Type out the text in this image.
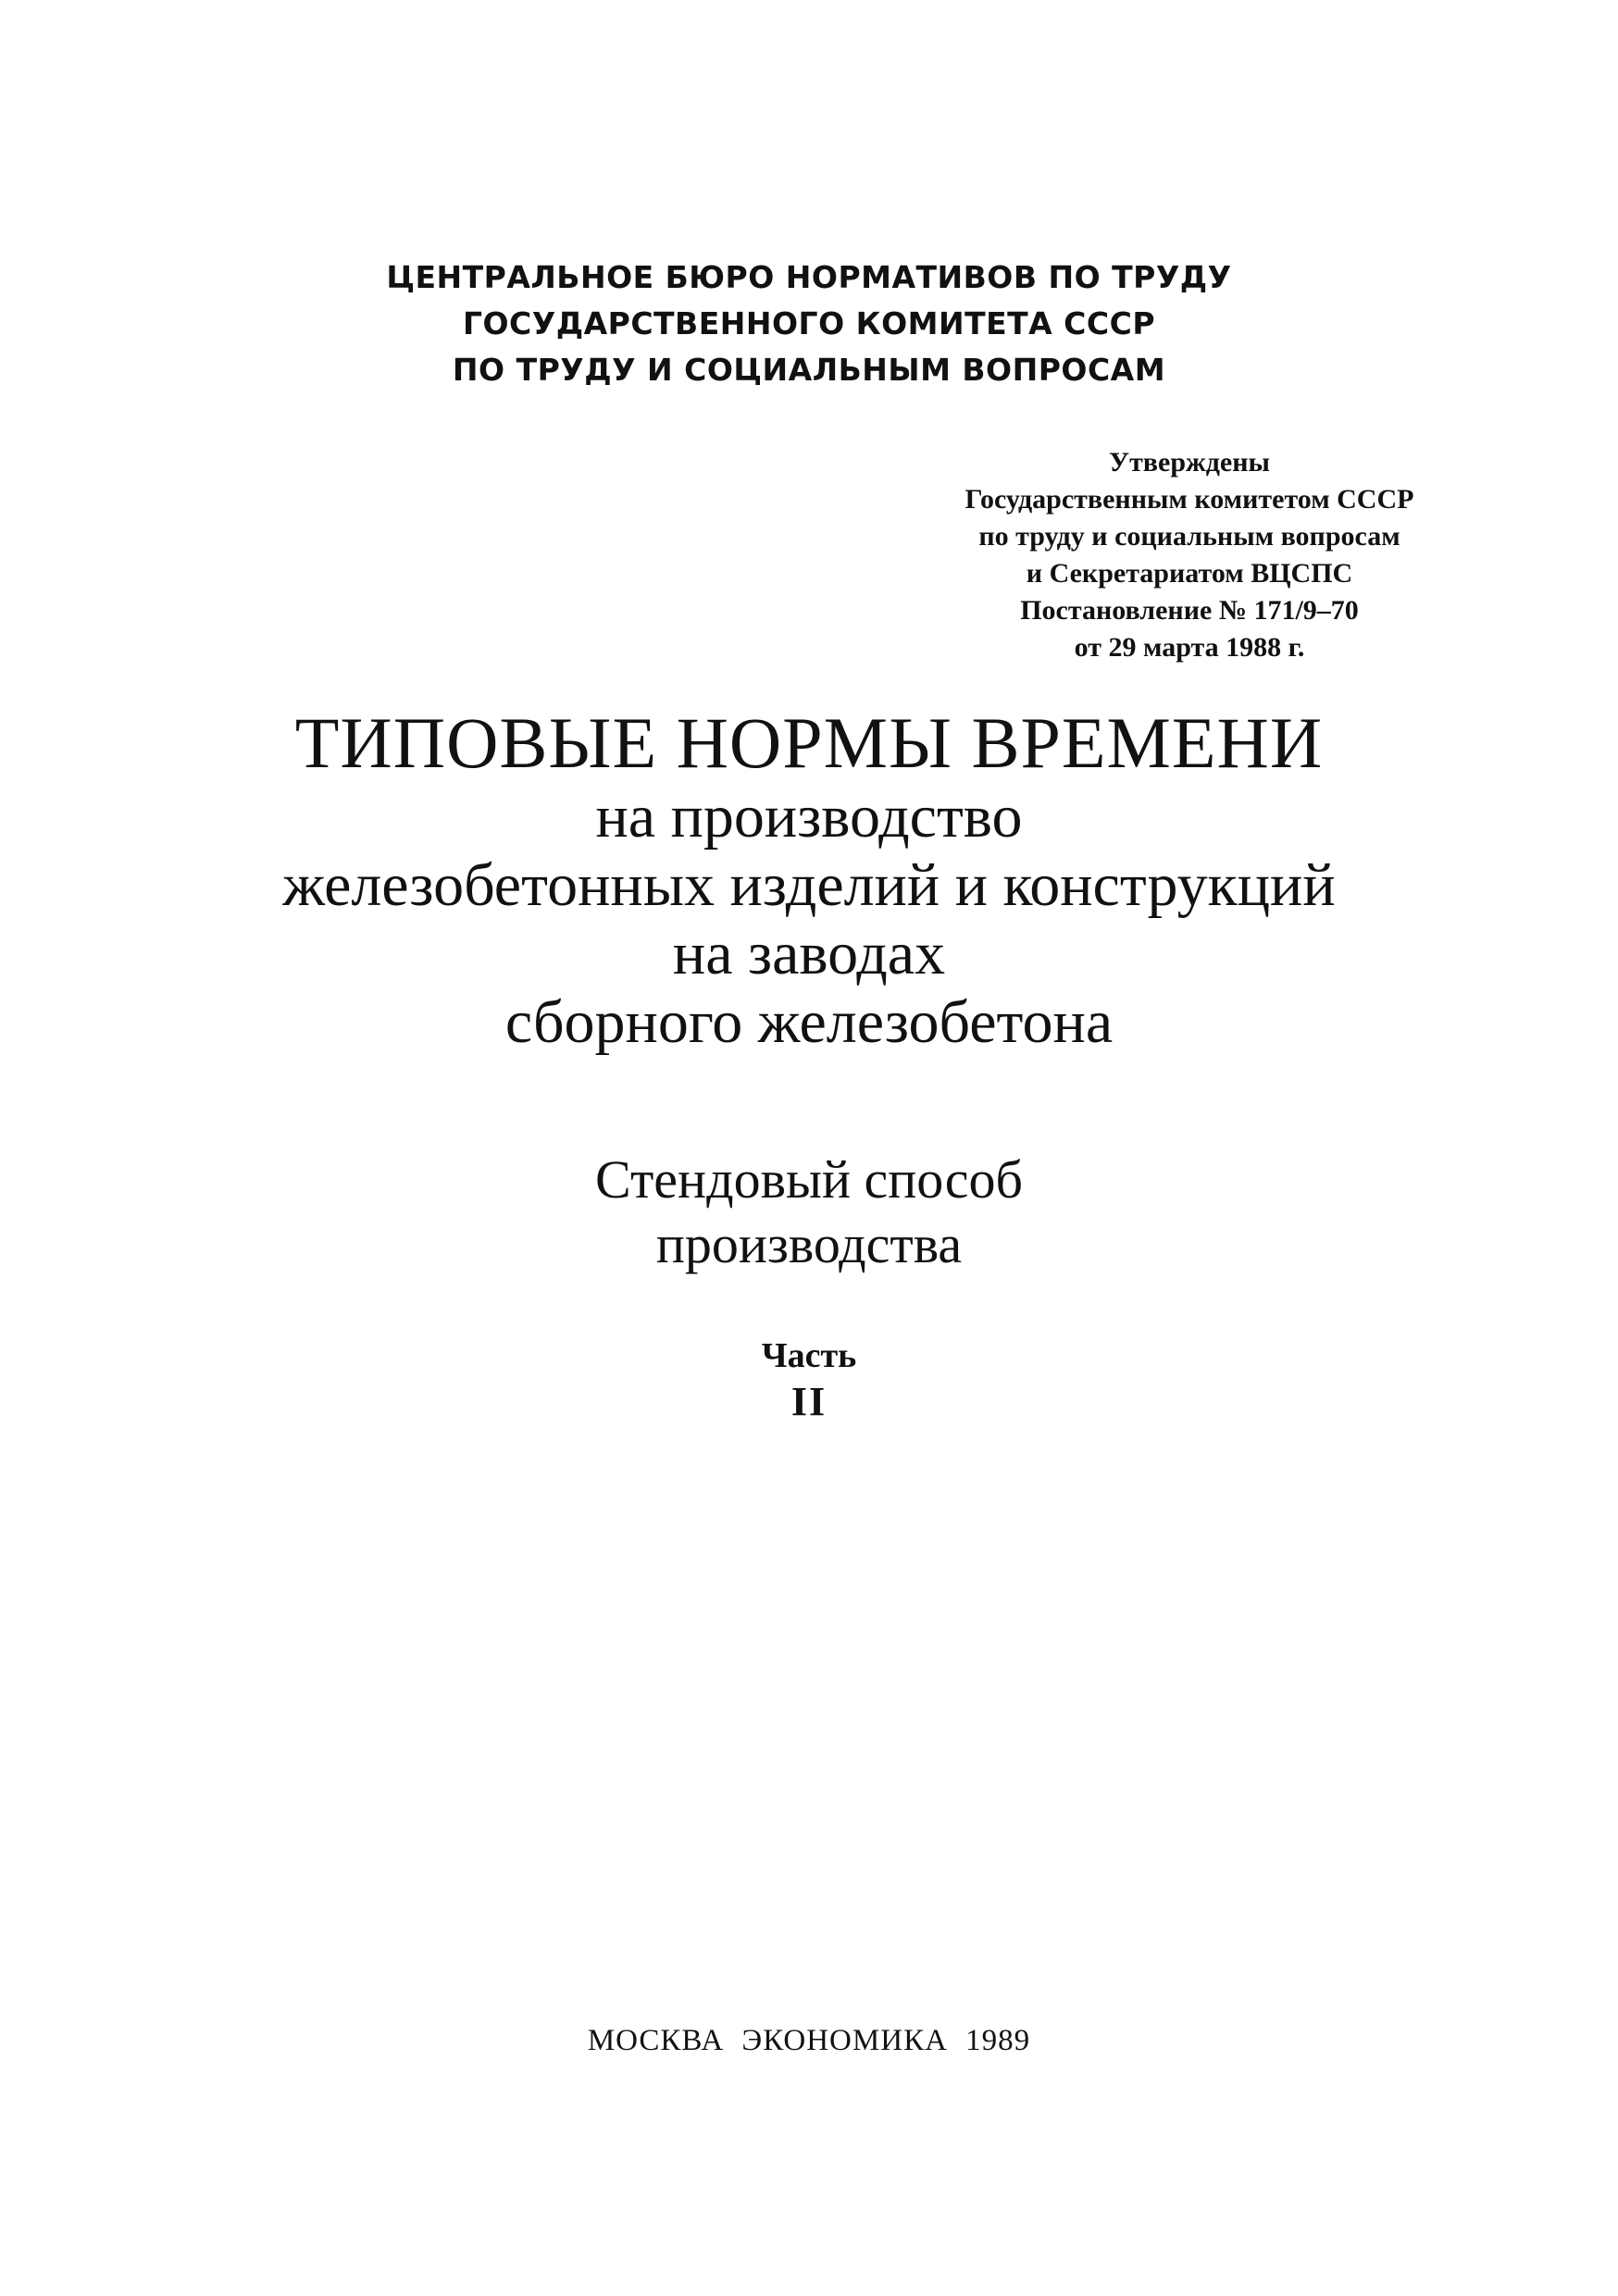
ЦЕНТРАЛЬНОЕ БЮРО НОРМАТИВОВ ПО ТРУДУ
ГОСУДАРСТВЕННОГО КОМИТЕТА СССР
ПО ТРУДУ И СОЦИАЛЬНЫМ ВОПРОСАМ
Утверждены
Государственным комитетом СССР
по труду и социальным вопросам
и Секретариатом ВЦСПС
Постановление № 171/9–70
от 29 марта 1988 г.
ТИПОВЫЕ НОРМЫ ВРЕМЕНИ
на производство
железобетонных изделий и конструкций
на заводах
сборного железобетона
Стендовый способ
производства
Часть
II
МОСКВА ЭКОНОМИКА 1989
